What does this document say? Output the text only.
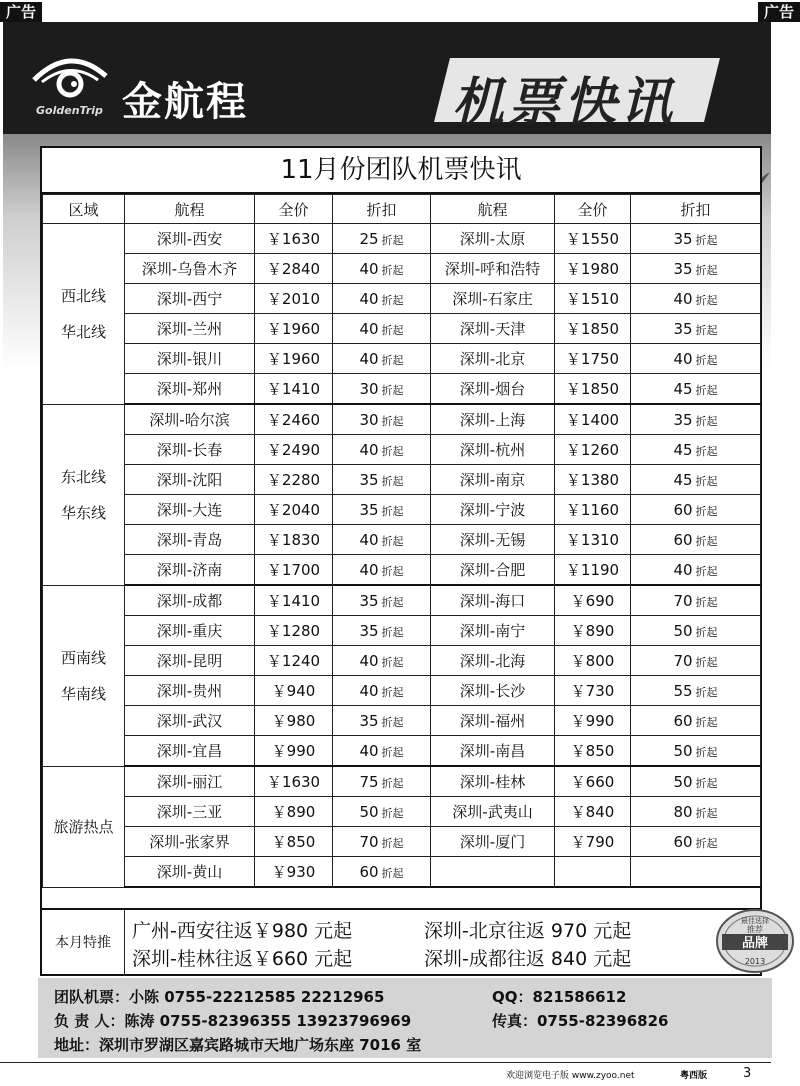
广告	广告
GoldenTrip 金航程	机票快讯
11月份团队机票快讯
区域	航程	全价	折扣	航程	全价	折扣

西北线
华北线	深圳-西安	￥1630	25 折起	深圳-太原	￥1550	35 折起
	深圳-乌鲁木齐	￥2840	40 折起	深圳-呼和浩特	￥1980	35 折起
	深圳-西宁	￥2010	40 折起	深圳-石家庄	￥1510	40 折起
	深圳-兰州	￥1960	40 折起	深圳-天津	￥1850	35 折起
	深圳-银川	￥1960	40 折起	深圳-北京	￥1750	40 折起
	深圳-郑州	￥1410	30 折起	深圳-烟台	￥1850	45 折起

东北线
华东线	深圳-哈尔滨	￥2460	30 折起	深圳-上海	￥1400	35 折起
	深圳-长春	￥2490	40 折起	深圳-杭州	￥1260	45 折起
	深圳-沈阳	￥2280	35 折起	深圳-南京	￥1380	45 折起
	深圳-大连	￥2040	35 折起	深圳-宁波	￥1160	60 折起
	深圳-青岛	￥1830	40 折起	深圳-无锡	￥1310	60 折起
	深圳-济南	￥1700	40 折起	深圳-合肥	￥1190	40 折起

西南线
华南线	深圳-成都	￥1410	35 折起	深圳-海口	￥690	70 折起
	深圳-重庆	￥1280	35 折起	深圳-南宁	￥890	50 折起
	深圳-昆明	￥1240	40 折起	深圳-北海	￥800	70 折起
	深圳-贵州	￥940	40 折起	深圳-长沙	￥730	55 折起
	深圳-武汉	￥980	35 折起	深圳-福州	￥990	60 折起
	深圳-宜昌	￥990	40 折起	深圳-南昌	￥850	50 折起

旅游热点	深圳-丽江	￥1630	75 折起	深圳-桂林	￥660	50 折起
	深圳-三亚	￥890	50 折起	深圳-武夷山	￥840	80 折起
	深圳-张家界	￥850	70 折起	深圳-厦门	￥790	60 折起
	深圳-黄山	￥930	60 折起			
本月特推
广州-西安往返￥980 元起	深圳-北京往返 970 元起
深圳-桂林往返￥660 元起	深圳-成都往返 840 元起
最佳选择
推荐
品牌
2013
团队机票：小陈 0755-22212585 22212965	QQ：821586612
负 责 人：陈涛 0755-82396355 13923796969	传真：0755-82396826
地址：深圳市罗湖区嘉宾路城市天地广场东座 7016 室
欢迎浏览电子版 www.zyoo.net	粤西版	3
